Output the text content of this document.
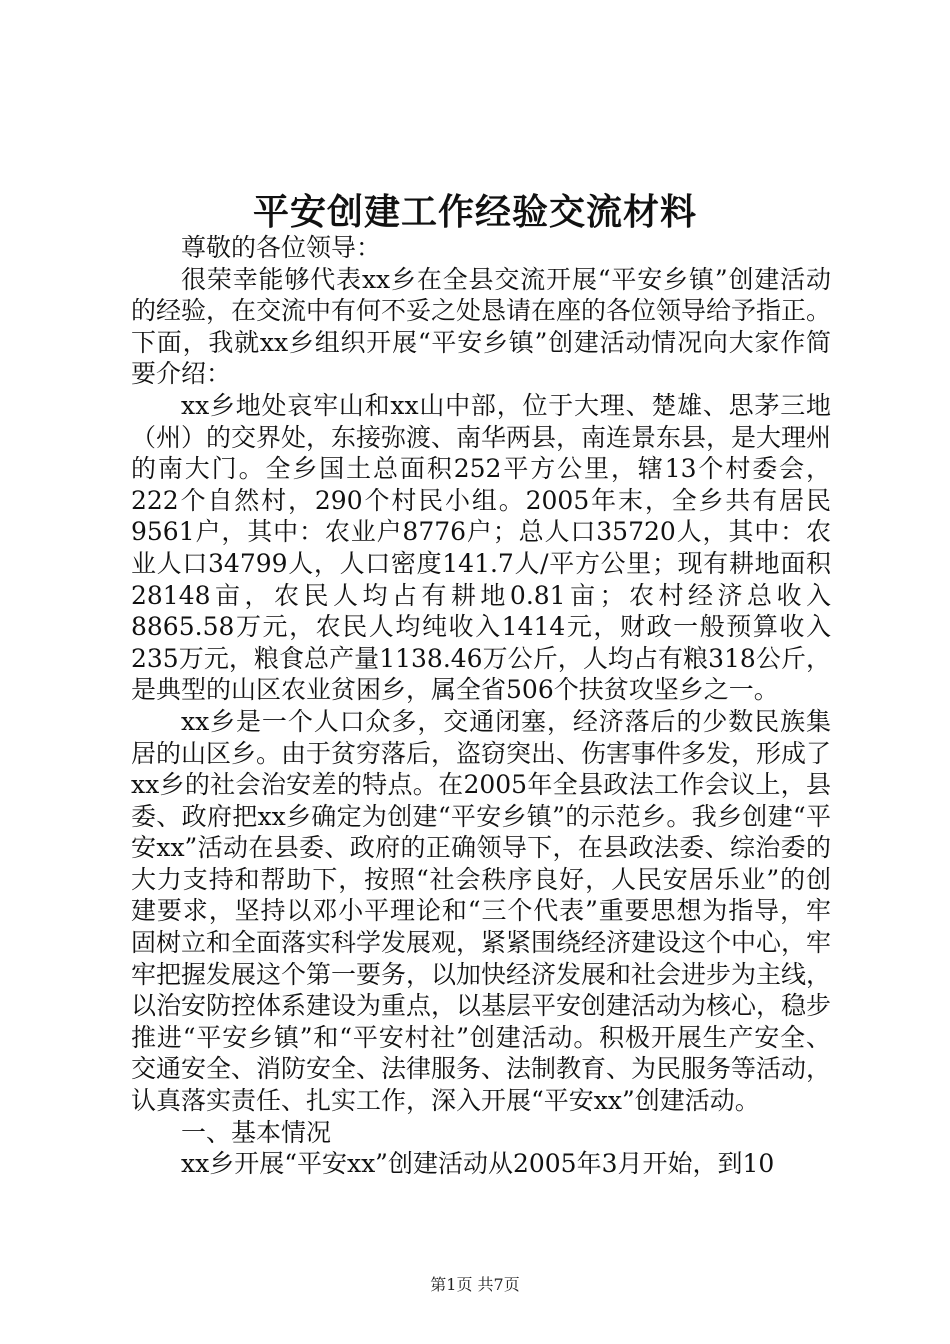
平安创建工作经验交流材料

尊敬的各位领导：

很荣幸能够代表xx乡在全县交流开展“平安乡镇”创建活动的经验，在交流中有何不妥之处恳请在座的各位领导给予指正。下面，我就xx乡组织开展“平安乡镇”创建活动情况向大家作简要介绍：

xx乡地处哀牢山和xx山中部，位于大理、楚雄、思茅三地（州）的交界处，东接弥渡、南华两县，南连景东县，是大理州的南大门。全乡国土总面积252平方公里，辖13个村委会，222个自然村，290个村民小组。2005年末，全乡共有居民9561户，其中：农业户8776户；总人口35720人，其中：农业人口34799人，人口密度141.7人/平方公里；现有耕地面积28148亩，农民人均占有耕地0.81亩；农村经济总收入8865.58万元，农民人均纯收入1414元，财政一般预算收入235万元，粮食总产量1138.46万公斤，人均占有粮318公斤，是典型的山区农业贫困乡，属全省506个扶贫攻坚乡之一。

xx乡是一个人口众多，交通闭塞，经济落后的少数民族集居的山区乡。由于贫穷落后，盗窃突出、伤害事件多发，形成了xx乡的社会治安差的特点。在2005年全县政法工作会议上，县委、政府把xx乡确定为创建“平安乡镇”的示范乡。我乡创建“平安xx”活动在县委、政府的正确领导下，在县政法委、综治委的大力支持和帮助下，按照“社会秩序良好，人民安居乐业”的创建要求，坚持以邓小平理论和“三个代表”重要思想为指导，牢固树立和全面落实科学发展观，紧紧围绕经济建设这个中心，牢牢把握发展这个第一要务，以加快经济发展和社会进步为主线，以治安防控体系建设为重点，以基层平安创建活动为核心，稳步推进“平安乡镇”和“平安村社”创建活动。积极开展生产安全、交通安全、消防安全、法律服务、法制教育、为民服务等活动，认真落实责任、扎实工作，深入开展“平安xx”创建活动。

一、基本情况

xx乡开展“平安xx”创建活动从2005年3月开始，到10

第1页 共7页
